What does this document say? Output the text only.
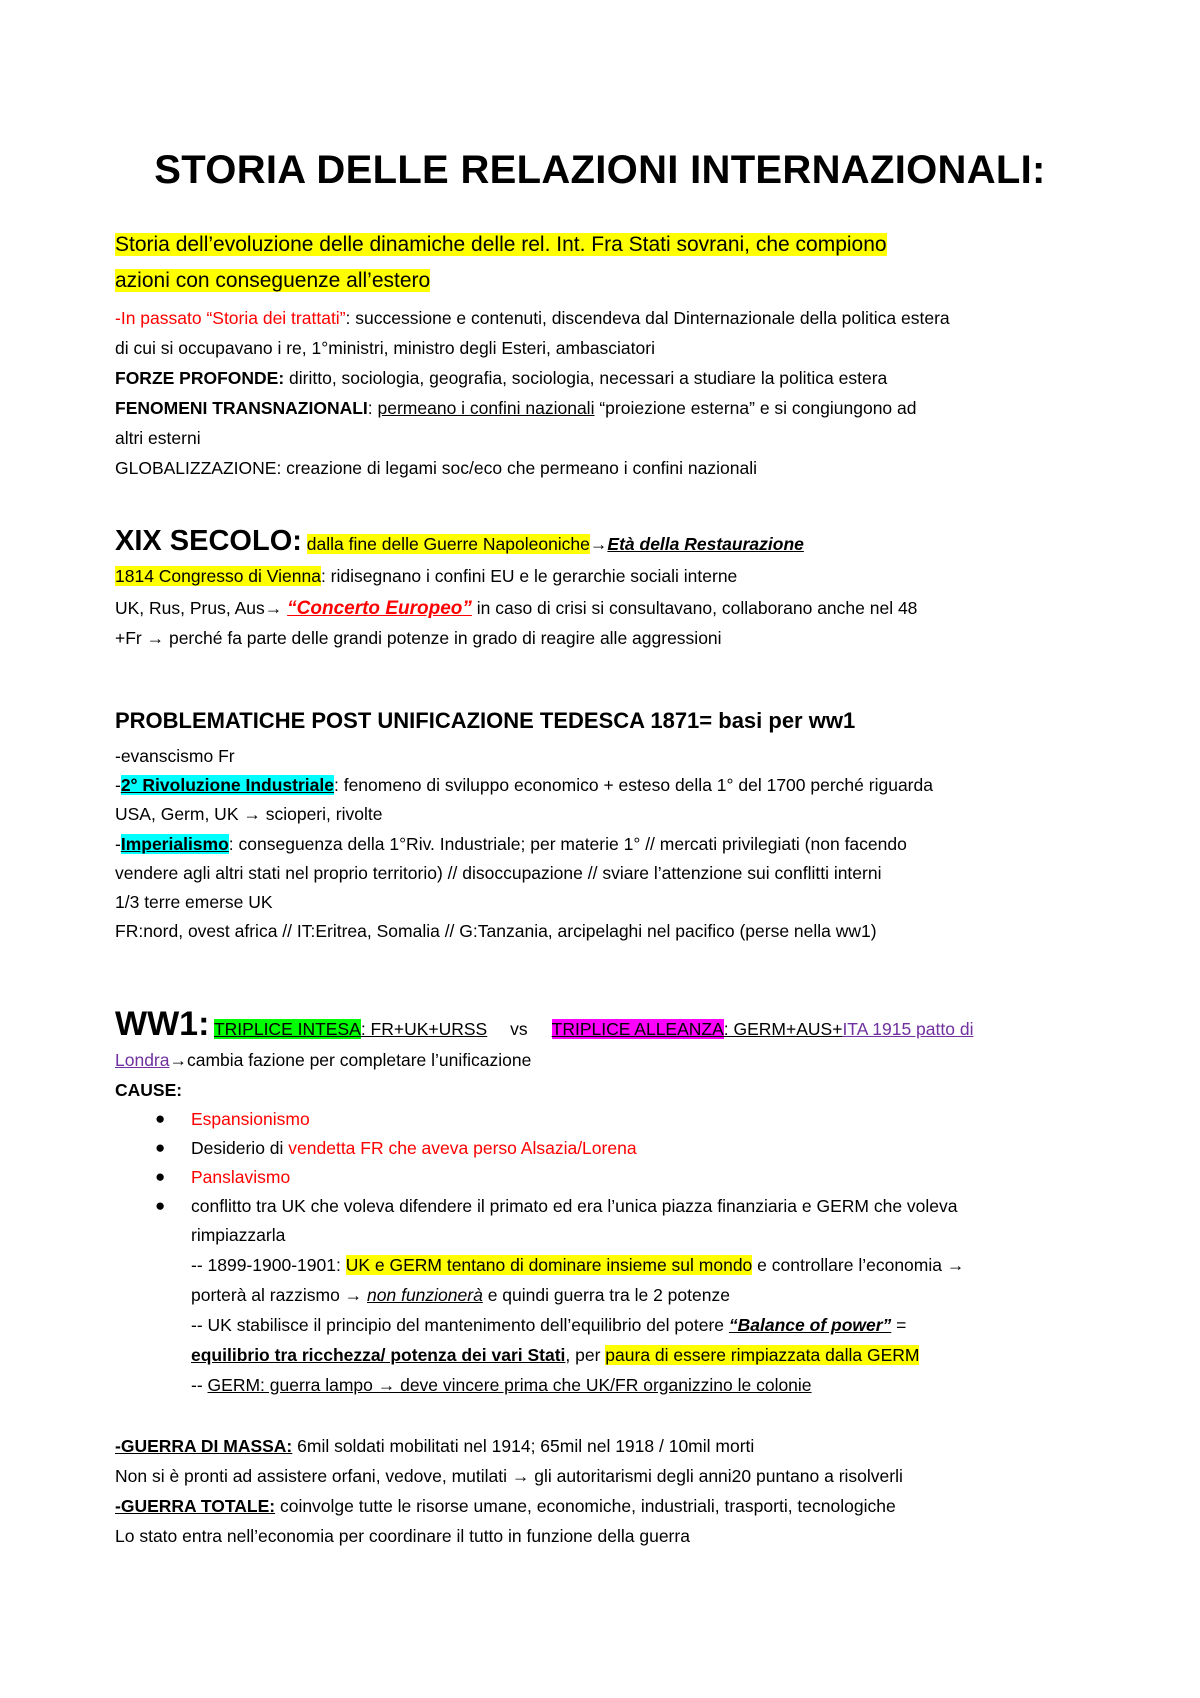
STORIA DELLE RELAZIONI INTERNAZIONALI:
Storia dell’evoluzione delle dinamiche delle rel. Int. Fra Stati sovrani, che compiono
azioni con conseguenze all’estero
-In passato “Storia dei trattati”: successione e contenuti, discendeva dal Dinternazionale della politica estera
di cui si occupavano i re, 1°ministri, ministro degli Esteri, ambasciatori
FORZE PROFONDE: diritto, sociologia, geografia, sociologia, necessari a studiare la politica estera
FENOMENI TRANSNAZIONALI: permeano i confini nazionali “proiezione esterna” e si congiungono ad
altri esterni
GLOBALIZZAZIONE: creazione di legami soc/eco che permeano i confini nazionali
XIX SECOLO: dalla fine delle Guerre Napoleoniche→Età della Restaurazione
1814 Congresso di Vienna: ridisegnano i confini EU e le gerarchie sociali interne
UK, Rus, Prus, Aus→ “Concerto Europeo” in caso di crisi si consultavano, collaborano anche nel 48
+Fr → perché fa parte delle grandi potenze in grado di reagire alle aggressioni
PROBLEMATICHE POST UNIFICAZIONE TEDESCA 1871= basi per ww1
-evanscismo Fr
-2° Rivoluzione Industriale: fenomeno di sviluppo economico + esteso della 1° del 1700 perché riguarda
USA, Germ, UK → scioperi, rivolte
-Imperialismo: conseguenza della 1°Riv. Industriale; per materie 1° // mercati privilegiati (non facendo
vendere agli altri stati nel proprio territorio) // disoccupazione // sviare l’attenzione sui conflitti interni
1/3 terre emerse UK
FR:nord, ovest africa // IT:Eritrea, Somalia // G:Tanzania, arcipelaghi nel pacifico (perse nella ww1)
WW1: TRIPLICE INTESA: FR+UK+URSS vs TRIPLICE ALLEANZA: GERM+AUS+ITA 1915 patto di
Londra→cambia fazione per completare l’unificazione
CAUSE:
● Espansionismo
● Desiderio di vendetta FR che aveva perso Alsazia/Lorena
● Panslavismo
● conflitto tra UK che voleva difendere il primato ed era l’unica piazza finanziaria e GERM che voleva
rimpiazzarla
-- 1899-1900-1901: UK e GERM tentano di dominare insieme sul mondo e controllare l’economia →
porterà al razzismo → non funzionerà e quindi guerra tra le 2 potenze
-- UK stabilisce il principio del mantenimento dell’equilibrio del potere “Balance of power” =
equilibrio tra ricchezza/ potenza dei vari Stati, per paura di essere rimpiazzata dalla GERM
-- GERM: guerra lampo → deve vincere prima che UK/FR organizzino le colonie
-GUERRA DI MASSA: 6mil soldati mobilitati nel 1914; 65mil nel 1918 / 10mil morti
Non si è pronti ad assistere orfani, vedove, mutilati → gli autoritarismi degli anni20 puntano a risolverli
-GUERRA TOTALE: coinvolge tutte le risorse umane, economiche, industriali, trasporti, tecnologiche
Lo stato entra nell’economia per coordinare il tutto in funzione della guerra
